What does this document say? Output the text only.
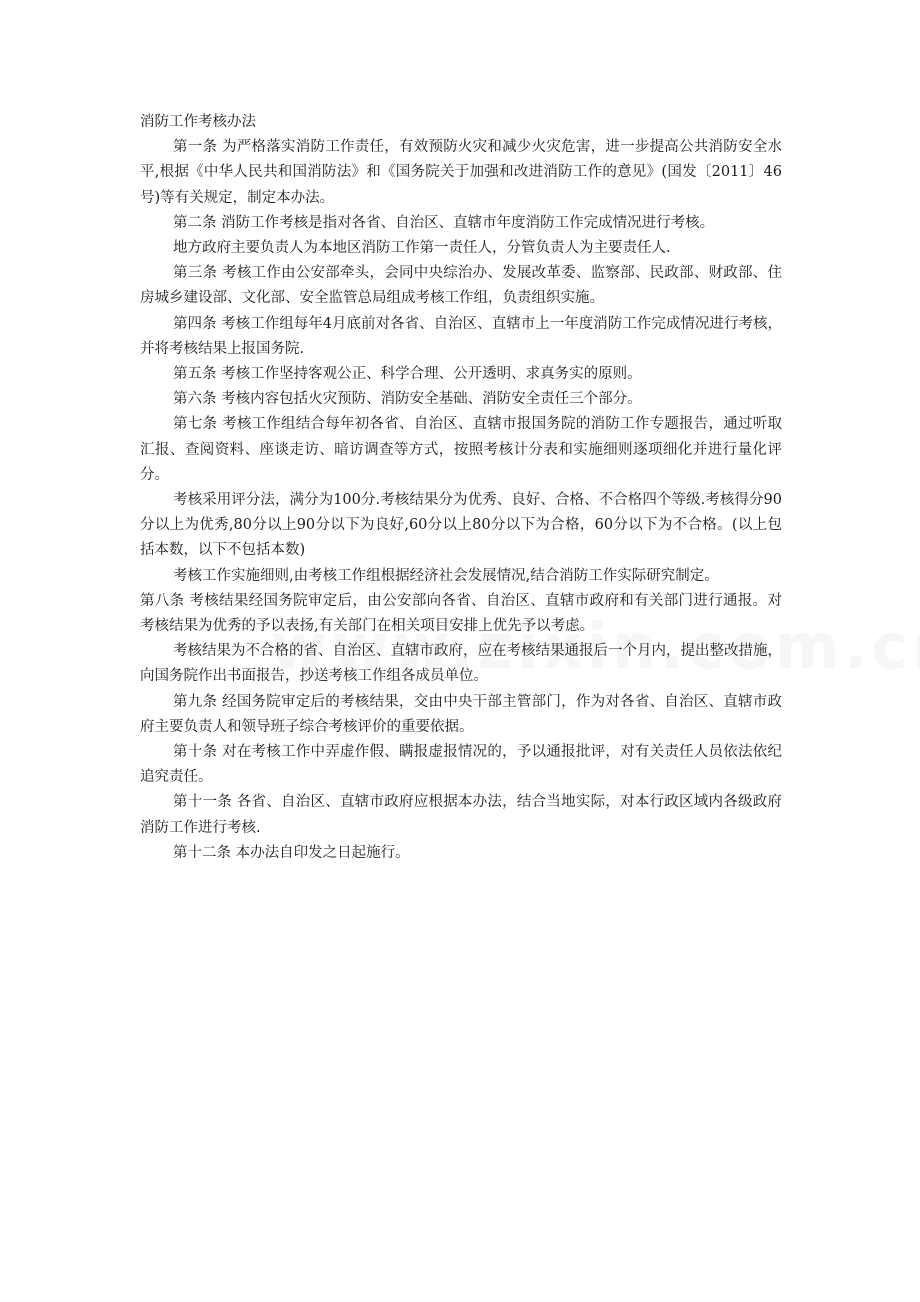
消防工作考核办法

第一条 为严格落实消防工作责任，有效预防火灾和减少火灾危害，进一步提高公共消防安全水平,根据《中华人民共和国消防法》和《国务院关于加强和改进消防工作的意见》(国发〔2011〕46号)等有关规定，制定本办法。

第二条 消防工作考核是指对各省、自治区、直辖市年度消防工作完成情况进行考核。

地方政府主要负责人为本地区消防工作第一责任人，分管负责人为主要责任人.

第三条 考核工作由公安部牵头，会同中央综治办、发展改革委、监察部、民政部、财政部、住房城乡建设部、文化部、安全监管总局组成考核工作组，负责组织实施。

第四条 考核工作组每年4月底前对各省、自治区、直辖市上一年度消防工作完成情况进行考核，并将考核结果上报国务院.

第五条 考核工作坚持客观公正、科学合理、公开透明、求真务实的原则。

第六条 考核内容包括火灾预防、消防安全基础、消防安全责任三个部分。

第七条 考核工作组结合每年初各省、自治区、直辖市报国务院的消防工作专题报告，通过听取汇报、查阅资料、座谈走访、暗访调查等方式，按照考核计分表和实施细则逐项细化并进行量化评分。

考核采用评分法，满分为100分.考核结果分为优秀、良好、合格、不合格四个等级.考核得分90分以上为优秀,80分以上90分以下为良好,60分以上80分以下为合格，60分以下为不合格。(以上包括本数，以下不包括本数)

考核工作实施细则,由考核工作组根据经济社会发展情况,结合消防工作实际研究制定。

第八条 考核结果经国务院审定后，由公安部向各省、自治区、直辖市政府和有关部门进行通报。对考核结果为优秀的予以表扬,有关部门在相关项目安排上优先予以考虑。

考核结果为不合格的省、自治区、直辖市政府，应在考核结果通报后一个月内，提出整改措施，向国务院作出书面报告，抄送考核工作组各成员单位。

第九条 经国务院审定后的考核结果，交由中央干部主管部门，作为对各省、自治区、直辖市政府主要负责人和领导班子综合考核评价的重要依据。

第十条 对在考核工作中弄虚作假、瞒报虚报情况的，予以通报批评，对有关责任人员依法依纪追究责任。

第十一条 各省、自治区、直辖市政府应根据本办法，结合当地实际，对本行政区域内各级政府消防工作进行考核.

第十二条 本办法自印发之日起施行。
